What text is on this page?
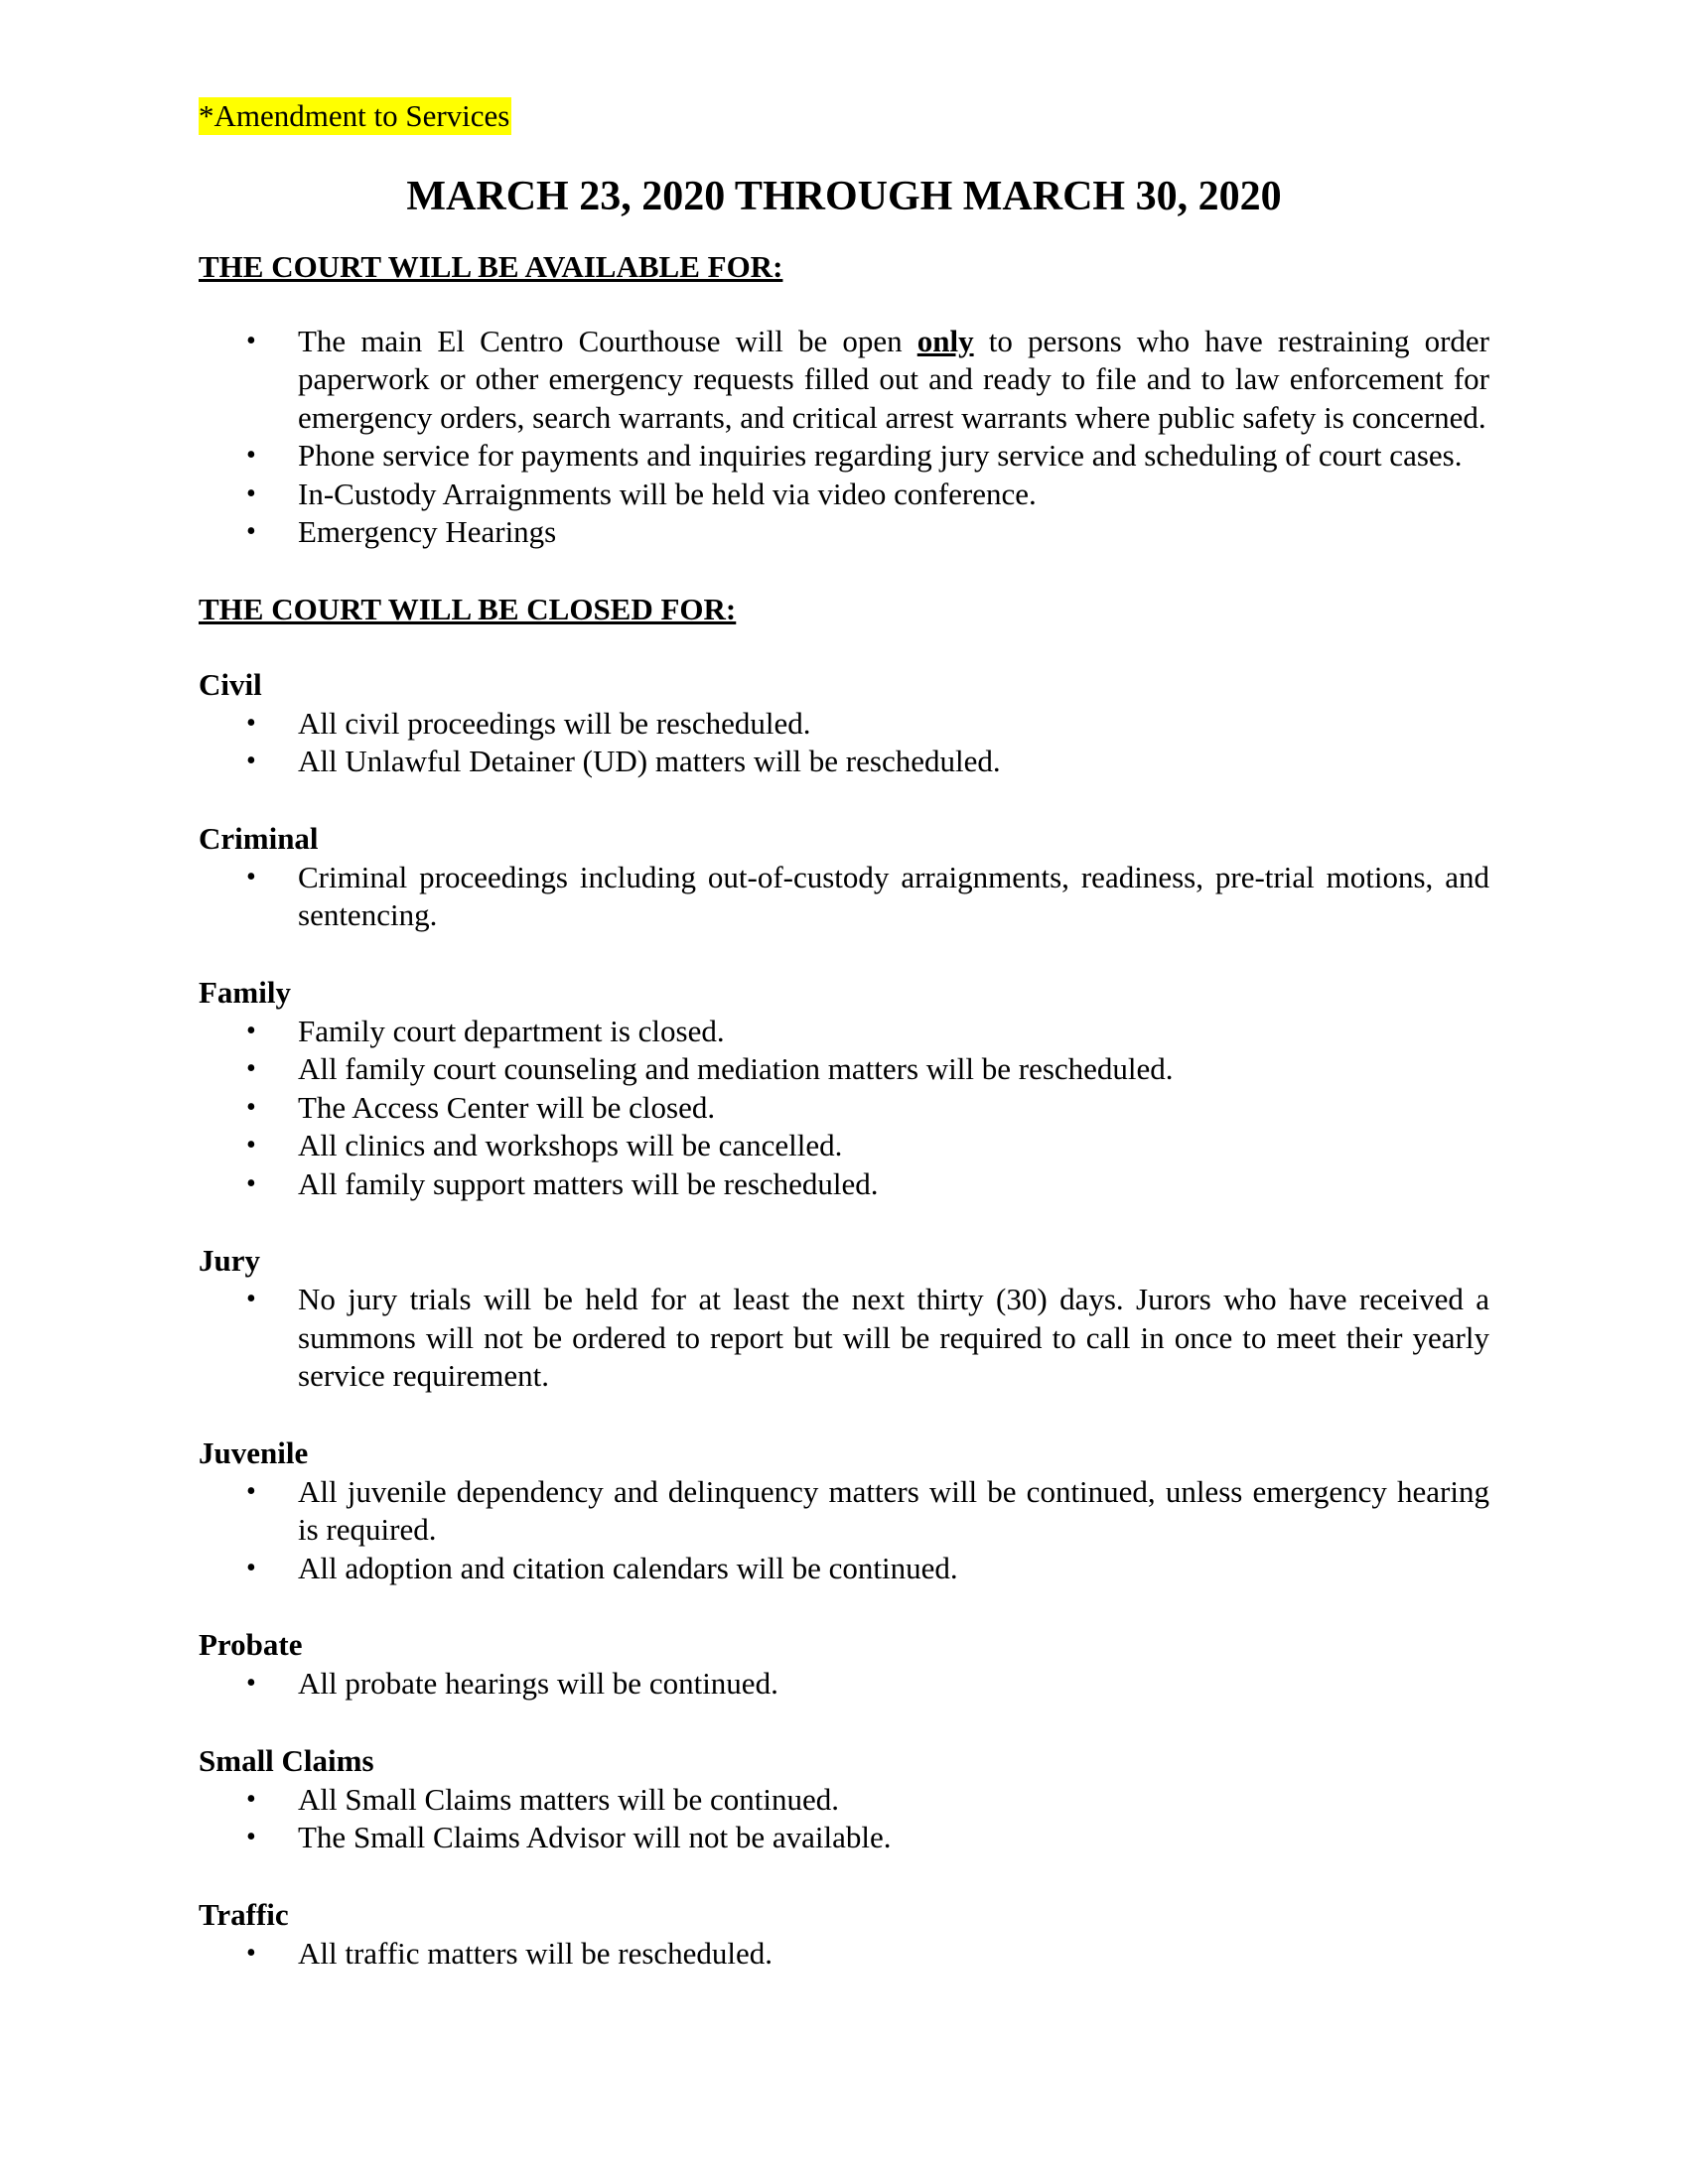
*Amendment to Services
MARCH 23, 2020 THROUGH MARCH 30, 2020
THE COURT WILL BE AVAILABLE FOR:
• The main El Centro Courthouse will be open only to persons who have restraining order paperwork or other emergency requests filled out and ready to file and to law enforcement for emergency orders, search warrants, and critical arrest warrants where public safety is concerned.
• Phone service for payments and inquiries regarding jury service and scheduling of court cases.
• In-Custody Arraignments will be held via video conference.
• Emergency Hearings
THE COURT WILL BE CLOSED FOR:
Civil
• All civil proceedings will be rescheduled.
• All Unlawful Detainer (UD) matters will be rescheduled.
Criminal
• Criminal proceedings including out-of-custody arraignments, readiness, pre-trial motions, and sentencing.
Family
• Family court department is closed.
• All family court counseling and mediation matters will be rescheduled.
• The Access Center will be closed.
• All clinics and workshops will be cancelled.
• All family support matters will be rescheduled.
Jury
• No jury trials will be held for at least the next thirty (30) days. Jurors who have received a summons will not be ordered to report but will be required to call in once to meet their yearly service requirement.
Juvenile
• All juvenile dependency and delinquency matters will be continued, unless emergency hearing is required.
• All adoption and citation calendars will be continued.
Probate
• All probate hearings will be continued.
Small Claims
• All Small Claims matters will be continued.
• The Small Claims Advisor will not be available.
Traffic
• All traffic matters will be rescheduled.
